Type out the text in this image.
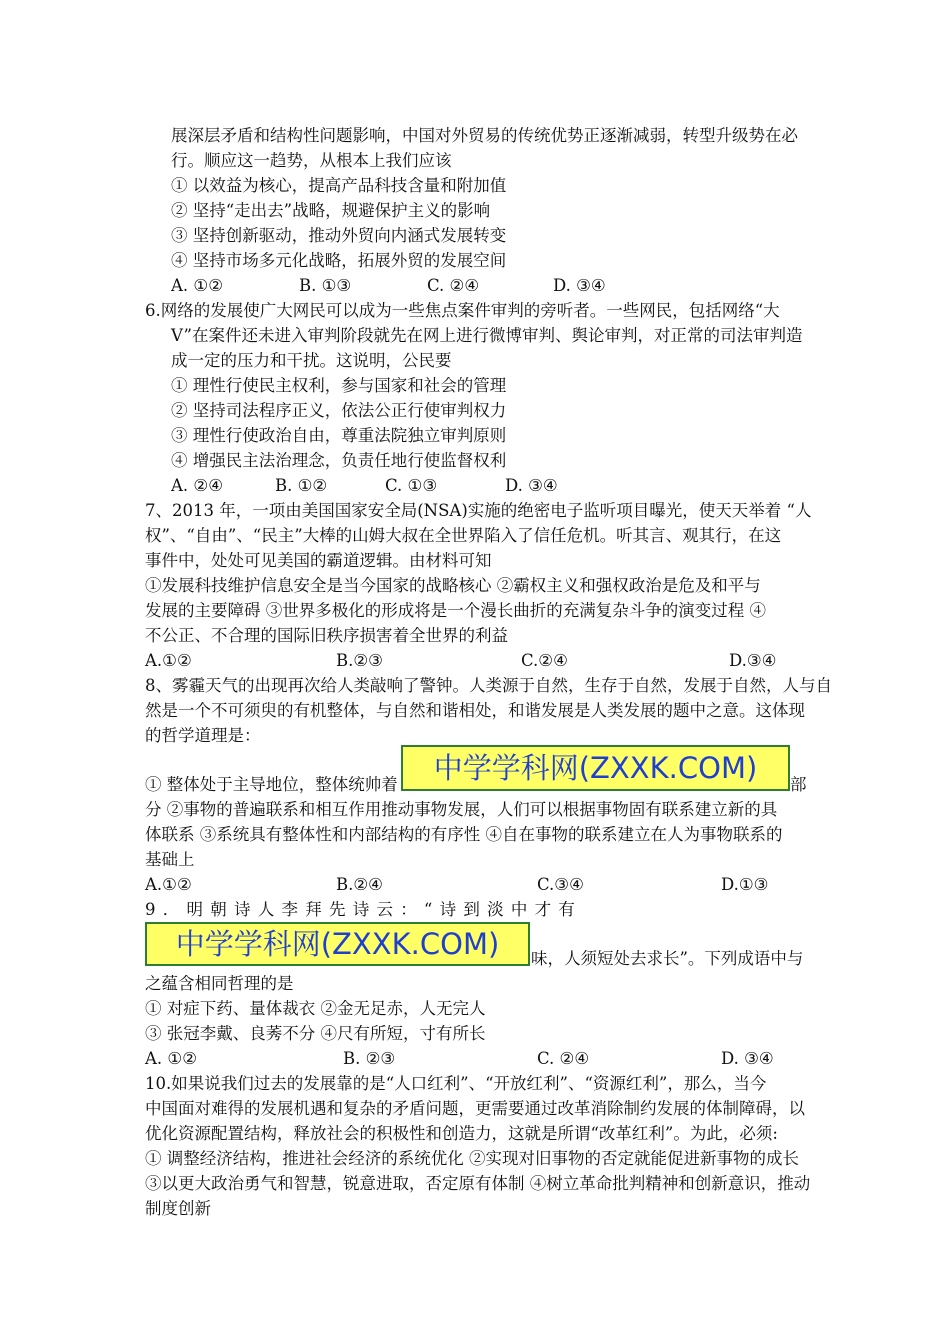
展深层矛盾和结构性问题影响，中国对外贸易的传统优势正逐渐减弱，转型升级势在必
行。顺应这一趋势，从根本上我们应该
① 以效益为核心，提高产品科技含量和附加值
② 坚持“走出去”战略，规避保护主义的影响
③ 坚持创新驱动，推动外贸向内涵式发展转变
④ 坚持市场多元化战略，拓展外贸的发展空间
A. ①②	B. ①③	C. ②④	D. ③④
6.网络的发展使广大网民可以成为一些焦点案件审判的旁听者。一些网民，包括网络“大
V”在案件还未进入审判阶段就先在网上进行微博审判、舆论审判，对正常的司法审判造
成一定的压力和干扰。这说明，公民要
① 理性行使民主权利，参与国家和社会的管理
② 坚持司法程序正义，依法公正行使审判权力
③ 理性行使政治自由，尊重法院独立审判原则
④ 增强民主法治理念，负责任地行使监督权利
A. ②④	B. ①②	C. ①③	D. ③④
7、2013 年，一项由美国国家安全局(NSA)实施的绝密电子监听项目曝光，使天天举着 “人
权”、“自由”、“民主”大棒的山姆大叔在全世界陷入了信任危机。听其言、观其行，在这
事件中，处处可见美国的霸道逻辑。由材料可知
①发展科技维护信息安全是当今国家的战略核心 ②霸权主义和强权政治是危及和平与
发展的主要障碍 ③世界多极化的形成将是一个漫长曲折的充满复杂斗争的演变过程 ④
不公正、不合理的国际旧秩序损害着全世界的利益
A.①②	B.②③	C.②④	D.③④
8、雾霾天气的出现再次给人类敲响了警钟。人类源于自然，生存于自然，发展于自然，人与自
然是一个不可须臾的有机整体，与自然和谐相处，和谐发展是人类发展的题中之意。这体现
的哲学道理是：
① 整体处于主导地位，整体统帅着	中学学科网(ZXXK.COM)	部
分 ②事物的普遍联系和相互作用推动事物发展，人们可以根据事物固有联系建立新的具
体联系 ③系统具有整体性和内部结构的有序性 ④自在事物的联系建立在人为事物联系的
基础上
A.①②	B.②④	C.③④	D.①③
9 ． 明 朝 诗 人 李 拜 先 诗 云 ： “ 诗 到 淡 中 才 有
中学学科网(ZXXK.COM)	味，人须短处去求长”。下列成语中与
之蕴含相同哲理的是
① 对症下药、量体裁衣 ②金无足赤，人无完人
③ 张冠李戴、良莠不分 ④尺有所短，寸有所长
A. ①②	B. ②③	C. ②④	D. ③④
10.如果说我们过去的发展靠的是“人口红利”、“开放红利”、“资源红利”，那么，当今
中国面对难得的发展机遇和复杂的矛盾问题，更需要通过改革消除制约发展的体制障碍，以
优化资源配置结构，释放社会的积极性和创造力，这就是所谓“改革红利”。为此，必须:
① 调整经济结构，推进社会经济的系统优化 ②实现对旧事物的否定就能促进新事物的成长
③以更大政治勇气和智慧，锐意进取，否定原有体制 ④树立革命批判精神和创新意识，推动
制度创新
